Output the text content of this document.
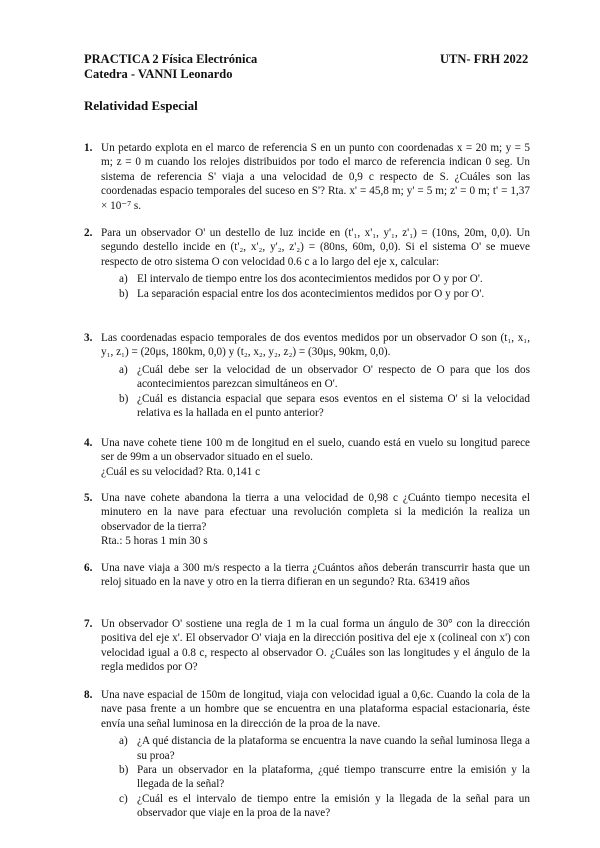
PRACTICA 2 Física Electrónica
Catedra - VANNI Leonardo
UTN- FRH 2022
Relatividad Especial
1. Un petardo explota en el marco de referencia S en un punto con coordenadas x = 20 m; y = 5 m; z = 0 m cuando los relojes distribuidos por todo el marco de referencia indican 0 seg. Un sistema de referencia S' viaja a una velocidad de 0,9 c respecto de S. ¿Cuáles son las coordenadas espacio temporales del suceso en S'? Rta. x' = 45,8 m; y' = 5 m; z' = 0 m; t' = 1,37 × 10⁻⁷ s.

2. Para un observador O' un destello de luz incide en (t'₁, x'₁, y'₁, z'₁) = (10ns, 20m, 0,0). Un segundo destello incide en (t'₂, x'₂, y'₂, z'₂) = (80ns, 60m, 0,0). Si el sistema O' se mueve respecto de otro sistema O con velocidad 0.6 c a lo largo del eje x, calcular:

a) El intervalo de tiempo entre los dos acontecimientos medidos por O y por O'.
b) La separación espacial entre los dos acontecimientos medidos por O y por O'.
3. Las coordenadas espacio temporales de dos eventos medidos por un observador O son (t₁, x₁, y₁, z₁) = (20μs, 180km, 0,0) y (t₂, x₂, y₂, z₂) = (30μs, 90km, 0,0).

a) ¿Cuál debe ser la velocidad de un observador O' respecto de O para que los dos acontecimientos parezcan simultáneos en O'.
b) ¿Cuál es distancia espacial que separa esos eventos en el sistema O' si la velocidad relativa es la hallada en el punto anterior?
4. Una nave cohete tiene 100 m de longitud en el suelo, cuando está en vuelo su longitud parece ser de 99m a un observador situado en el suelo.

¿Cuál es su velocidad? Rta. 0,141 c

5. Una nave cohete abandona la tierra a una velocidad de 0,98 c ¿Cuánto tiempo necesita el minutero en la nave para efectuar una revolución completa si la medición la realiza un observador de la tierra?

Rta.: 5 horas 1 min 30 s

6. Una nave viaja a 300 m/s respecto a la tierra ¿Cuántos años deberán transcurrir hasta que un reloj situado en la nave y otro en la tierra difieran en un segundo? Rta. 63419 años

7. Un observador O' sostiene una regla de 1 m la cual forma un ángulo de 30° con la dirección positiva del eje x'. El observador O' viaja en la dirección positiva del eje x (colineal con x') con velocidad igual a 0.8 c, respecto al observador O. ¿Cuáles son las longitudes y el ángulo de la regla medidos por O?

8. Una nave espacial de 150m de longitud, viaja con velocidad igual a 0,6c. Cuando la cola de la nave pasa frente a un hombre que se encuentra en una plataforma espacial estacionaria, éste envía una señal luminosa en la dirección de la proa de la nave.

a) ¿A qué distancia de la plataforma se encuentra la nave cuando la señal luminosa llega a su proa?
b) Para un observador en la plataforma, ¿qué tiempo transcurre entre la emisión y la llegada de la señal?
c) ¿Cuál es el intervalo de tiempo entre la emisión y la llegada de la señal para un observador que viaje en la proa de la nave?
